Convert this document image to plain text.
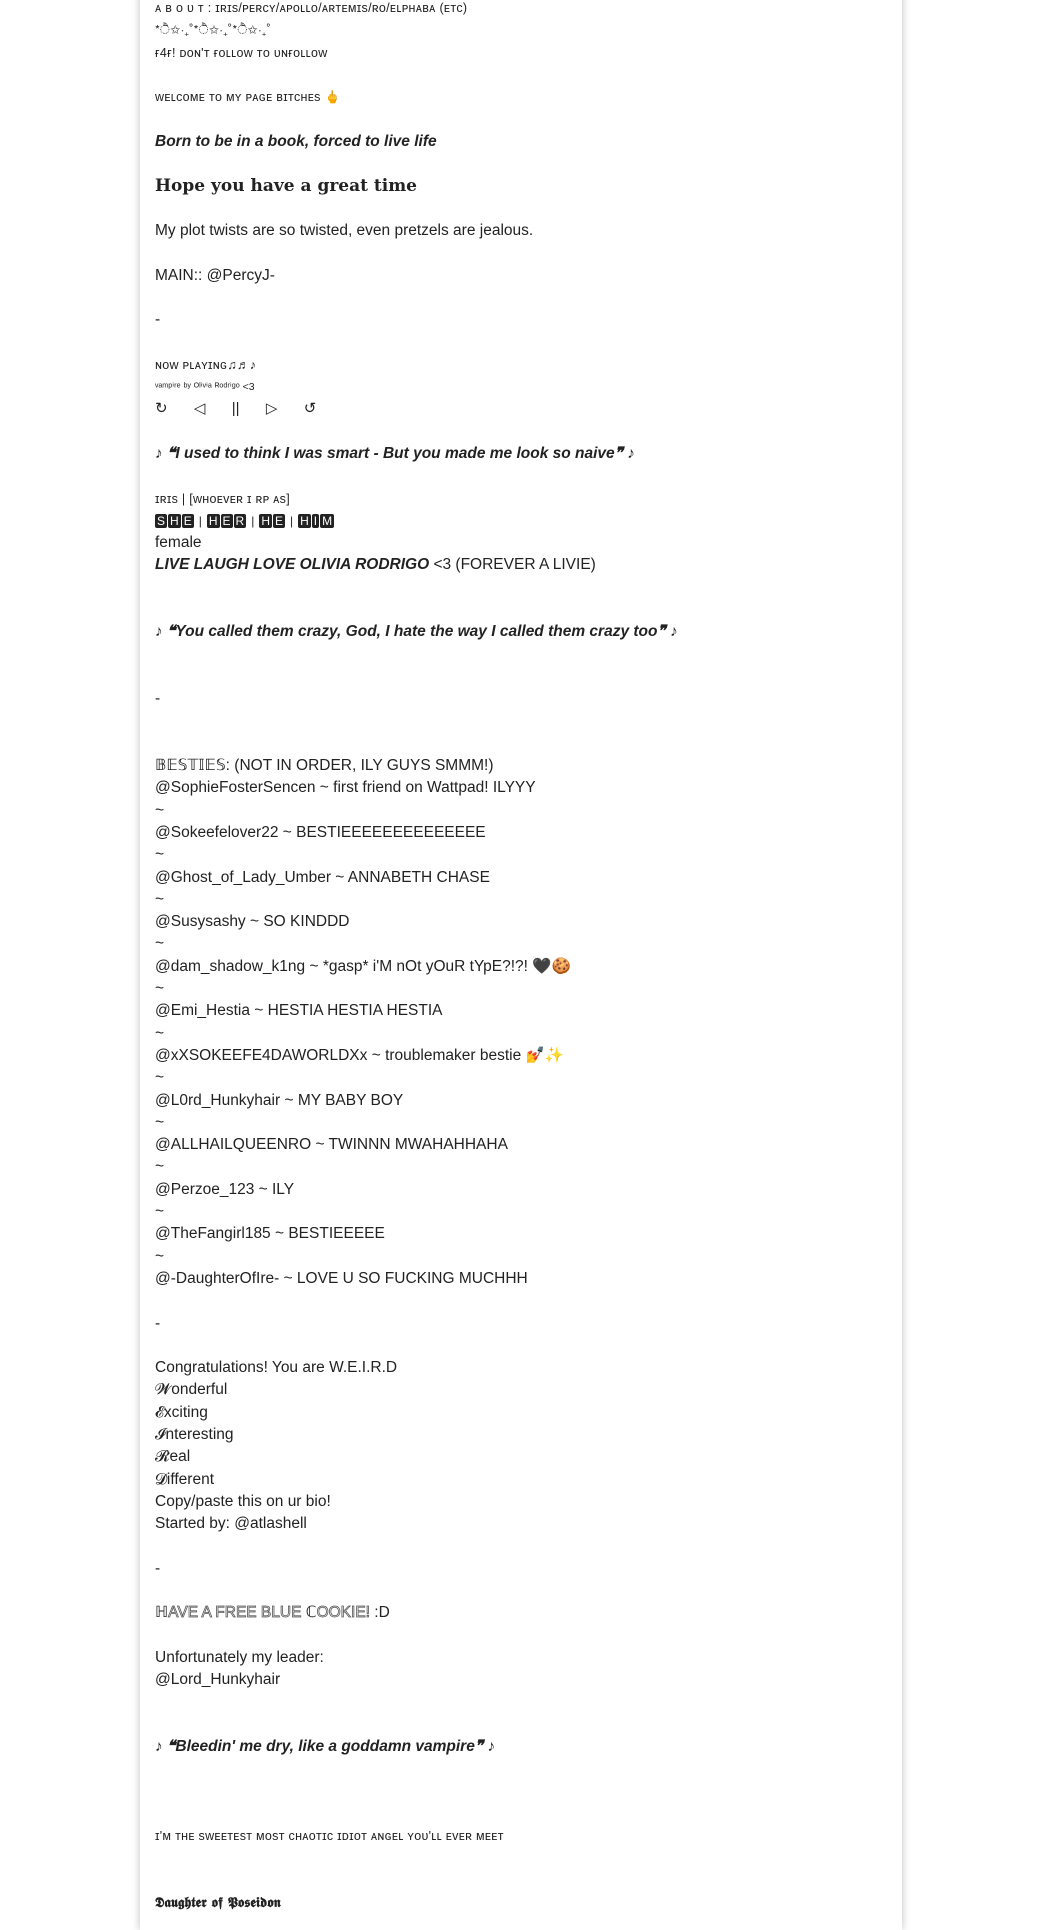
ᴀ ʙ ᴏ ᴜ ᴛ : ɪʀɪs/ᴘᴇʀᴄʏ/ᴀᴘᴏʟʟᴏ/ᴀʀᴛᴇᴍɪs/ʀᴏ/ᴇʟᴘʜᴀʙᴀ (ᴇᴛᴄ)
*ੈ✩‧₊˚*ੈ✩‧₊˚*ੈ✩‧₊˚
ғ4ғ! ᴅᴏɴ'ᴛ ғᴏʟʟᴏᴡ ᴛᴏ ᴜɴғᴏʟʟᴏᴡ
ᴡᴇʟᴄᴏᴍᴇ ᴛᴏ ᴍʏ ᴘᴀɢᴇ ʙɪᴛᴄʜᴇs 🖕
Born to be in a book, forced to live life
Hope you have a great time
My plot twists are so twisted, even pretzels are jealous.
MAIN:: @PercyJ-
-
ɴᴏᴡ ᴘʟᴀʏɪɴɢ♫♬♪
ᵛᵃᵐᵖⁱʳᵉ ᵇʸ ᴼˡⁱᵛⁱᵃ ᴿᵒᵈʳⁱᵍᵒ <3
↻ ◁ || ▷ ↺
♪ ❝I used to think I was smart - But you made me look so naive❞ ♪
ɪʀɪs | [ᴡʜᴏᴇᴠᴇʀ ɪ ʀᴘ ᴀs]
S H E | H E R | H E | H I M
female
LIVE LAUGH LOVE OLIVIA RODRIGO <3 (FOREVER A LIVIE)
♪ ❝You called them crazy, God, I hate the way I called them crazy too❞ ♪
-
𝔹𝔼𝕊𝕋𝕀𝔼𝕊: (NOT IN ORDER, ILY GUYS SMMM!)
@SophieFosterSencen ~ first friend on Wattpad! ILYYY
~
@Sokeefelover22 ~ BESTIEEEEEEEEEEEEEE
~
@Ghost_of_Lady_Umber ~ ANNABETH CHASE
~
@Susysashy ~ SO KINDDD
~
@dam_shadow_k1ng ~ *gasp* i'M nOt yOuR tYpE?!?! 🖤🍪
~
@Emi_Hestia ~ HESTIA HESTIA HESTIA
~
@xXSOKEEFE4DAWORLDXx ~ troublemaker bestie 💅✨
~
@L0rd_Hunkyhair ~ MY BABY BOY
~
@ALLHAILQUEENRO ~ TWINNN MWAHAHHAHA
~
@Perzoe_123 ~ ILY
~
@TheFangirl185 ~ BESTIEEEEE
~
@-DaughterOfIre- ~ LOVE U SO FUCKING MUCHHH
-
Congratulations! You are W.E.I.R.D
𝓦onderful
𝓔xciting
𝓘nteresting
𝓡eal
𝓓ifferent
Copy/paste this on ur bio!
Started by: @atlashell
-
ℍAVE A FREE BLUE ℂOOKIE! :D
Unfortunately my leader:
@Lord_Hunkyhair
♪ ❝Bleedin' me dry, like a goddamn vampire❞ ♪
ɪ'ᴍ ᴛʜᴇ sᴡᴇᴇᴛᴇsᴛ ᴍᴏsᴛ ᴄʜᴀᴏᴛɪᴄ ɪᴅɪᴏᴛ ᴀɴɢᴇʟ ʏᴏᴜ'ʟʟ ᴇᴠᴇʀ ᴍᴇᴇᴛ
𝕯𝖆𝖚𝖌𝖍𝖙𝖊𝖗 𝖔𝖋 𝕻𝖔𝖘𝖊𝖎𝖉𝖔𝖓
